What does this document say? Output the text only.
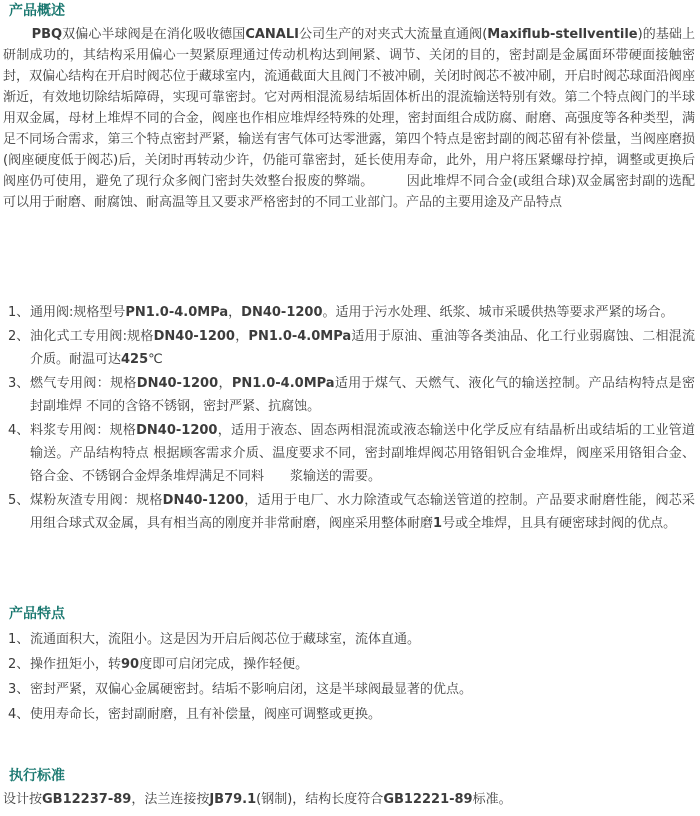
产品概述

PBQ双偏心半球阀是在消化吸收德国CANALI公司生产的对夹式大流量直通阀(Maxiflub-stellventile)的基础上研制成功的，其结构采用偏心一契紧原理通过传动机构达到闸紧、调节、关闭的目的，密封副是金属面环带硬面接触密封，双偏心结构在开启时阀芯位于藏球室内，流通截面大且阀门不被冲刷，关闭时阀芯不被冲刷，开启时阀芯球面沿阀座渐近，有效地切除结垢障碍，实现可靠密封。它对两相混流易结垢固体析出的混流输送特别有效。第二个特点阀门的半球用双金属，母材上堆焊不同的合金，阀座也作相应堆焊经特殊的处理，密封面组合成防腐、耐磨、高强度等各种类型，满足不同场合需求，第三个特点密封严紧，输送有害气体可达零泄露，第四个特点是密封副的阀芯留有补偿量，当阀座磨损(阀座硬度低于阀芯)后，关闭时再转动少许，仍能可靠密封，延长使用寿命，此外，用户将压紧螺母拧掉，调整或更换后阀座仍可使用，避免了现行众多阀门密封失效整台报废的弊端。　　　因此堆焊不同合金(或组合球)双金属密封副的选配可以用于耐磨、耐腐蚀、耐高温等且又要求严格密封的不同工业部门。产品的主要用途及产品特点

1、 通用阀:规格型号PN1.0-4.0MPa，DN40-1200。适用于污水处理、纸浆、城市采暖供热等要求严紧的场合。
2、 油化式工专用阀:规格DN40-1200，PN1.0-4.0MPa适用于原油、重油等各类油品、化工行业弱腐蚀、二相混流介质。耐温可达425℃
3、 燃气专用阀：规格DN40-1200，PN1.0-4.0MPa适用于煤气、天燃气、液化气的输送控制。产品结构特点是密封副堆焊 不同的含铬不锈钢，密封严紧、抗腐蚀。
4、 料浆专用阀：规格DN40-1200，适用于液态、固态两相混流或液态输送中化学反应有结晶析出或结垢的工业管道输送。产品结构特点 根据顾客需求介质、温度要求不同，密封副堆焊阀芯用铬钼钒合金堆焊，阀座采用铬钼合金、铬合金、不锈钢合金焊条堆焊满足不同料　　浆输送的需要。
5、 煤粉灰渣专用阀：规格DN40-1200，适用于电厂、水力除渣或气态输送管道的控制。产品要求耐磨性能，阀芯采用组合球式双金属，具有相当高的刚度并非常耐磨，阀座采用整体耐磨1号或全堆焊，且具有硬密球封阀的优点。
产品特点
1、 流通面积大，流阻小。这是因为开启后阀芯位于藏球室，流体直通。
2、 操作扭矩小，转90度即可启闭完成，操作轻便。
3、 密封严紧，双偏心金属硬密封。结垢不影响启闭，这是半球阀最显著的优点。
4、 使用寿命长，密封副耐磨，且有补偿量，阀座可调整或更换。
执行标准

设计按GB12237-89，法兰连接按JB79.1(钢制)，结构长度符合GB12221-89标准。
